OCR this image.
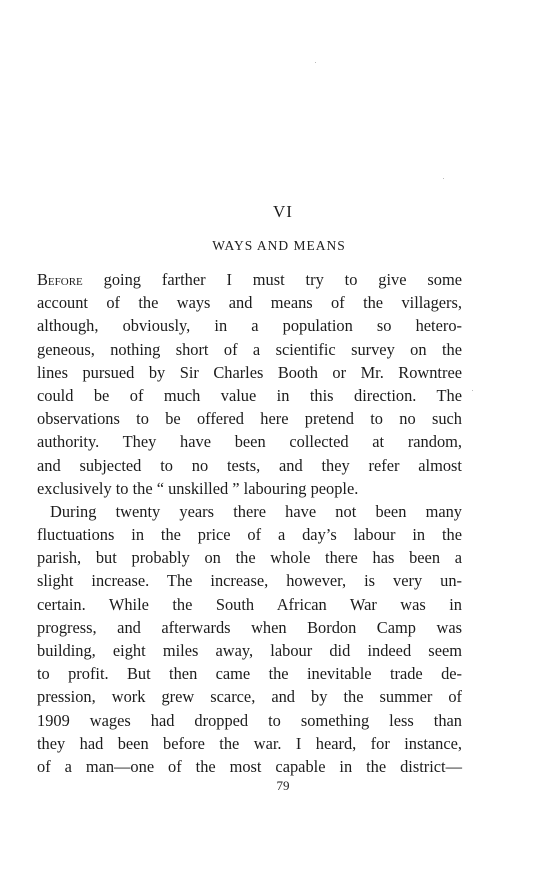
VI
WAYS AND MEANS
Before going farther I must try to give some
account of the ways and means of the villagers,
although, obviously, in a population so hetero-
geneous, nothing short of a scientific survey on the
lines pursued by Sir Charles Booth or Mr. Rowntree
could be of much value in this direction. The
observations to be offered here pretend to no such
authority. They have been collected at random,
and subjected to no tests, and they refer almost
exclusively to the “ unskilled ” labouring people.
During twenty years there have not been many
fluctuations in the price of a day’s labour in the
parish, but probably on the whole there has been a
slight increase. The increase, however, is very un-
certain. While the South African War was in
progress, and afterwards when Bordon Camp was
building, eight miles away, labour did indeed seem
to profit. But then came the inevitable trade de-
pression, work grew scarce, and by the summer of
1909 wages had dropped to something less than
they had been before the war. I heard, for instance,
of a man—one of the most capable in the district—
79
